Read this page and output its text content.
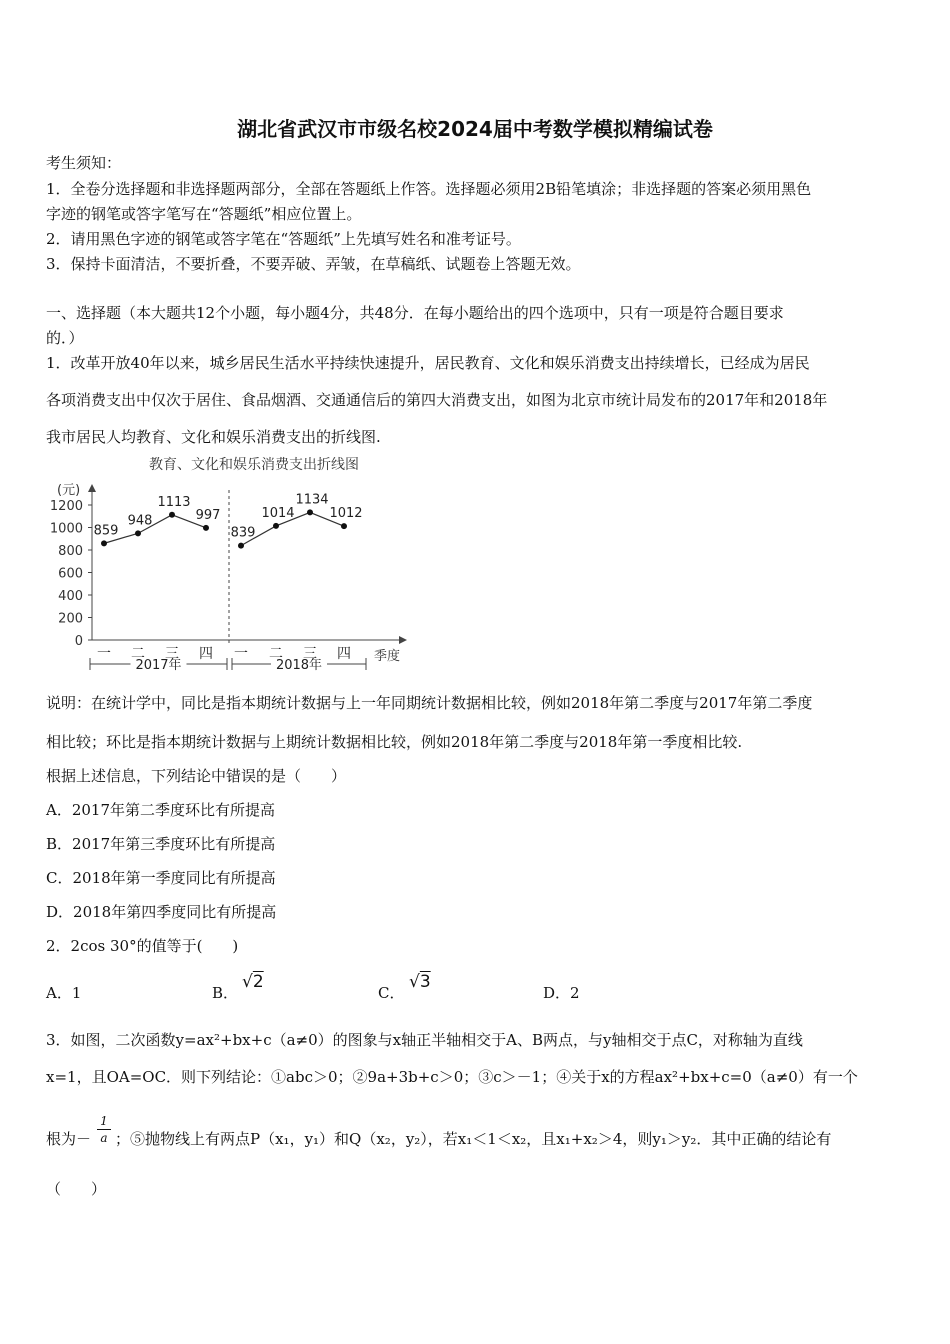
湖北省武汉市市级名校2024届中考数学模拟精编试卷
考生须知：
1．全卷分选择题和非选择题两部分，全部在答题纸上作答。选择题必须用2B铅笔填涂；非选择题的答案必须用黑色
字迹的钢笔或答字笔写在“答题纸”相应位置上。
2．请用黑色字迹的钢笔或答字笔在“答题纸”上先填写姓名和准考证号。
3．保持卡面清洁，不要折叠，不要弄破、弄皱，在草稿纸、试题卷上答题无效。
一、选择题（本大题共12个小题，每小题4分，共48分．在每小题给出的四个选项中，只有一项是符合题目要求
的．）
1．改革开放40年以来，城乡居民生活水平持续快速提升，居民教育、文化和娱乐消费支出持续增长，已经成为居民
各项消费支出中仅次于居住、食品烟酒、交通通信后的第四大消费支出，如图为北京市统计局发布的2017年和2018年
我市居民人均教育、文化和娱乐消费支出的折线图.
教育、文化和娱乐消费支出折线图
(元)
季度
0
200
400
600
800
1000
1200
859
948
1113
997
839
1014
1134
1012
一 二 三 四 一 二 三 四
2017年	2018年
说明：在统计学中，同比是指本期统计数据与上一年同期统计数据相比较，例如2018年第二季度与2017年第二季度
相比较；环比是指本期统计数据与上期统计数据相比较，例如2018年第二季度与2018年第一季度相比较.
根据上述信息，下列结论中错误的是（　　）
A．2017年第二季度环比有所提高
B．2017年第三季度环比有所提高
C．2018年第一季度同比有所提高
D．2018年第四季度同比有所提高
2．2cos 30°的值等于(　　)
A．1	B．
√2
C．
√3
D．2
3．如图，二次函数y=ax²+bx+c（a≠0）的图象与x轴正半轴相交于A、B两点，与y轴相交于点C，对称轴为直线
x=1，且OA=OC．则下列结论：①abc＞0；②9a+3b+c＞0；③c＞－1；④关于x的方程ax²+bx+c=0（a≠0）有一个
根为－
1
a ；⑤抛物线上有两点P（x₁，y₁）和Q（x₂，y₂），若x₁＜1＜x₂，且x₁+x₂＞4，则y₁＞y₂．其中正确的结论有
（　　）
